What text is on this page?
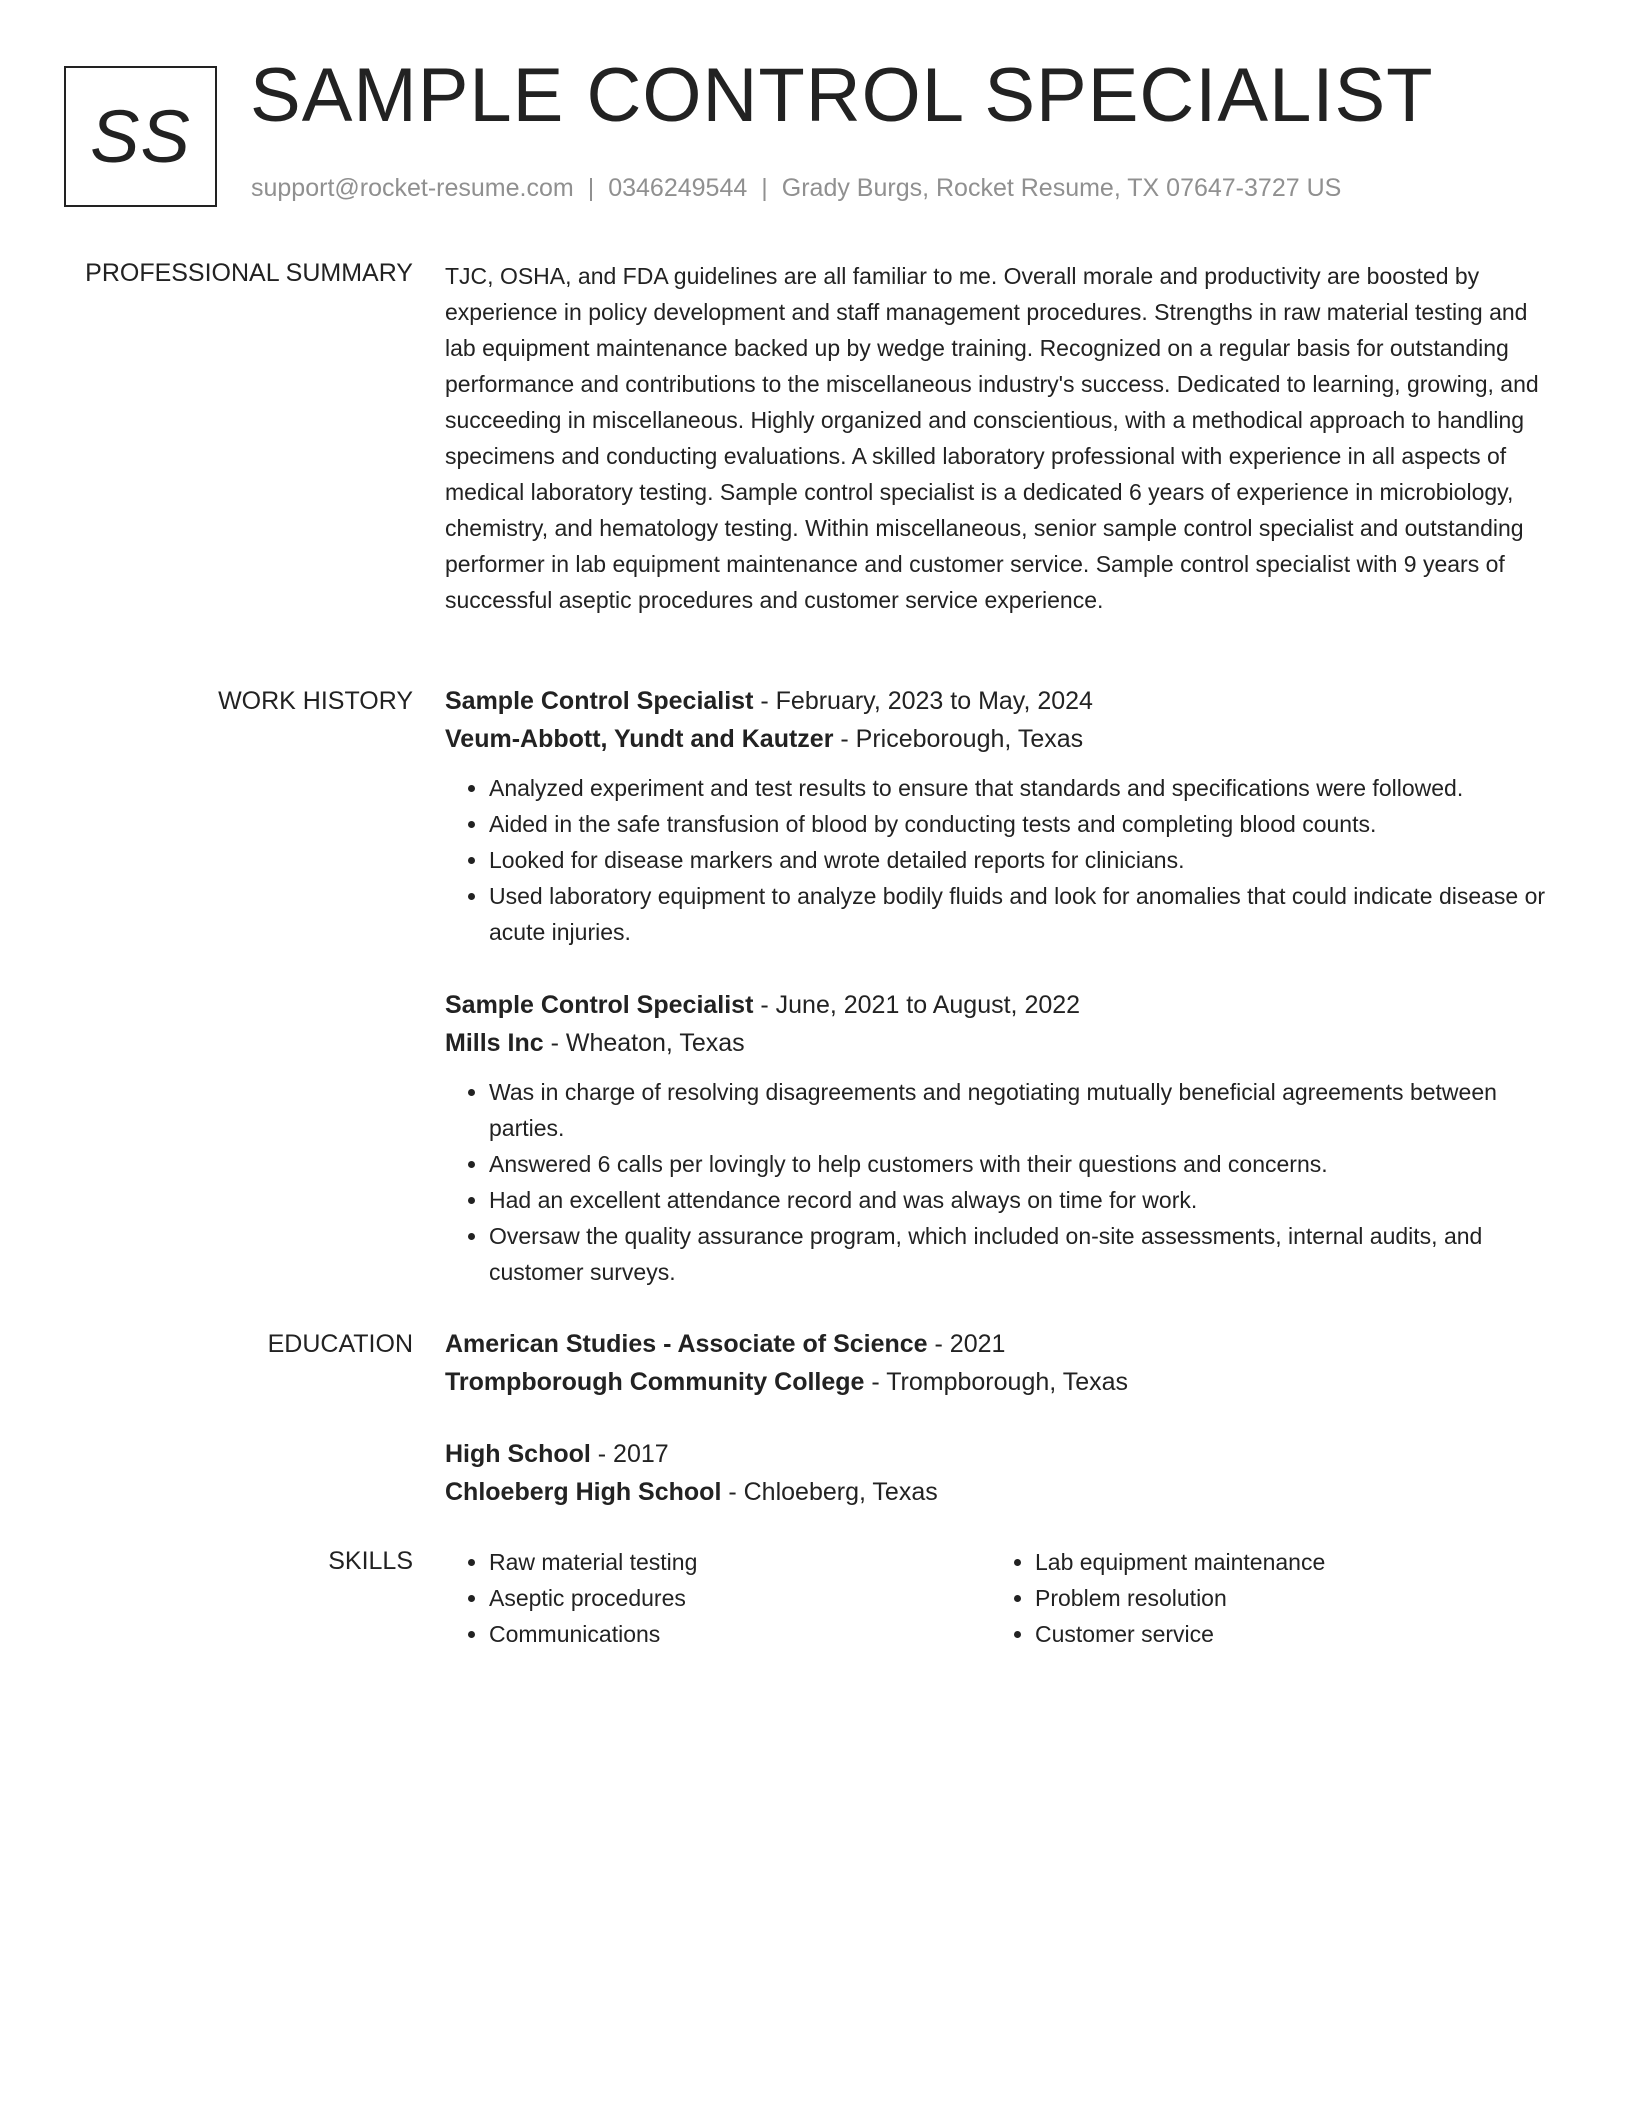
SS SAMPLE CONTROL SPECIALIST
support@rocket-resume.com | 0346249544 | Grady Burgs, Rocket Resume, TX 07647-3727 US
PROFESSIONAL SUMMARY TJC, OSHA, and FDA guidelines are all familiar to me. Overall morale and productivity are boosted by experience in policy development and staff management procedures. Strengths in raw material testing and lab equipment maintenance backed up by wedge training. Recognized on a regular basis for outstanding performance and contributions to the miscellaneous industry's success. Dedicated to learning, growing, and succeeding in miscellaneous. Highly organized and conscientious, with a methodical approach to handling specimens and conducting evaluations. A skilled laboratory professional with experience in all aspects of medical laboratory testing. Sample control specialist is a dedicated 6 years of experience in microbiology, chemistry, and hematology testing. Within miscellaneous, senior sample control specialist and outstanding performer in lab equipment maintenance and customer service. Sample control specialist with 9 years of successful aseptic procedures and customer service experience.

WORK HISTORY Sample Control Specialist - February, 2023 to May, 2024
Veum-Abbott, Yundt and Kautzer - Priceborough, Texas
• Analyzed experiment and test results to ensure that standards and specifications were followed.
• Aided in the safe transfusion of blood by conducting tests and completing blood counts.
• Looked for disease markers and wrote detailed reports for clinicians.
• Used laboratory equipment to analyze bodily fluids and look for anomalies that could indicate disease or acute injuries.
Sample Control Specialist - June, 2021 to August, 2022
Mills Inc - Wheaton, Texas
• Was in charge of resolving disagreements and negotiating mutually beneficial agreements between parties.
• Answered 6 calls per lovingly to help customers with their questions and concerns.
• Had an excellent attendance record and was always on time for work.
• Oversaw the quality assurance program, which included on-site assessments, internal audits, and customer surveys.
EDUCATION American Studies - Associate of Science - 2021
Trompborough Community College - Trompborough, Texas
High School - 2017
Chloeberg High School - Chloeberg, Texas
SKILLS
•	Raw material testing
• Aseptic procedures
• Communications
• Lab equipment maintenance
• Problem resolution
• Customer service
